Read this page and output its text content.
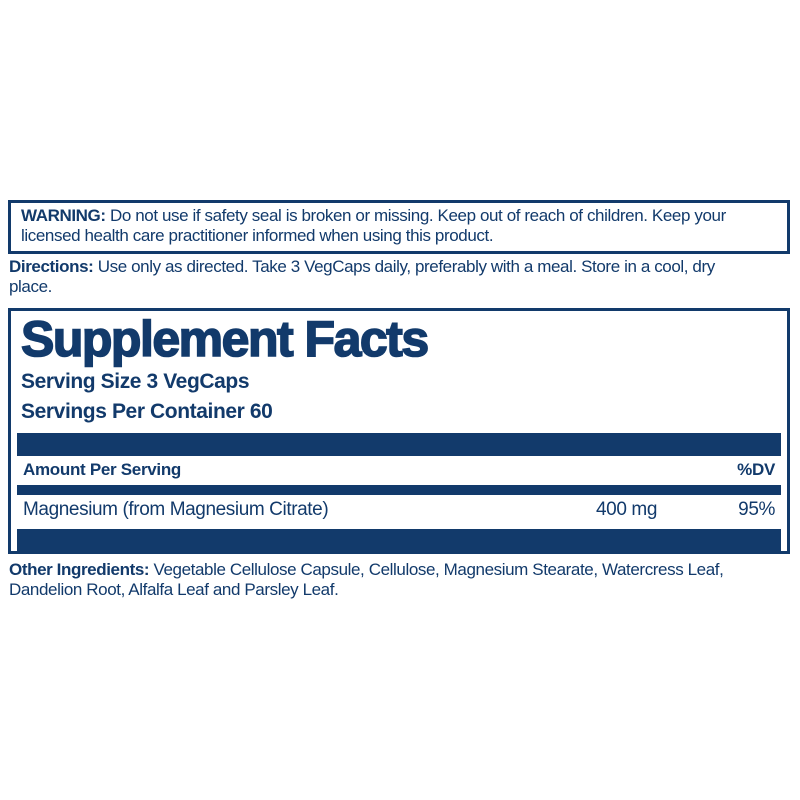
WARNING: Do not use if safety seal is broken or missing. Keep out of reach of children. Keep your
licensed health care practitioner informed when using this product.

Directions: Use only as directed. Take 3 VegCaps daily, preferably with a meal. Store in a cool, dry
place.

Supplement Facts
Serving Size 3 VegCaps
Servings Per Container 60
Amount Per Serving	%DV
Magnesium (from Magnesium Citrate)	400 mg	95%

Other Ingredients: Vegetable Cellulose Capsule, Cellulose, Magnesium Stearate, Watercress Leaf,
Dandelion Root, Alfalfa Leaf and Parsley Leaf.
